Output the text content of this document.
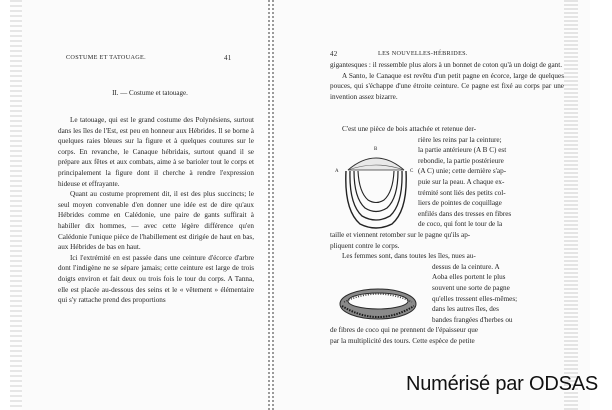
COSTUME ET TATOUAGE.	41
II. — Costume et tatouage.

Le tatouage, qui est le grand costume des Polynésiens, surtout dans les îles de l'Est, est peu en honneur aux Hébrides. Il se borne à quelques raies bleues sur la figure et à quelques coutures sur le corps. En revanche, le Canaque hébridais, surtout quand il se prépare aux fêtes et aux combats, aime à se barioler tout le corps et principalement la figure dont il cherche à rendre l'expression hideuse et effrayante.

Quant au costume proprement dit, il est des plus succincts; le seul moyen convenable d'en donner une idée est de dire qu'aux Hébrides comme en Calédonie, une paire de gants suffirait à habiller dix hommes, — avec cette légère différence qu'en Calédonie l'unique pièce de l'habillement est dirigée de haut en bas, aux Hébrides de bas en haut.

Ici l'extrémité en est passée dans une ceinture d'écorce d'arbre dont l'indigène ne se sépare jamais; cette ceinture est large de trois doigts environ et fait deux ou trois fois le tour du corps. A Tanna, elle est placée au-dessous des seins et le « vêtement » élémentaire qui s'y rattache prend des proportions

42	LES NOUVELLES-HÉBRIDES.

gigantesques : il ressemble plus alors à un bonnet de coton qu'à un doigt de gant.

A Santo, le Canaque est revêtu d'un petit pagne en écorce, large de quelques pouces, qui s'échappe d'une étroite ceinture. Ce pagne est fixé au corps par une invention assez bizarre.

C'est une pièce de bois attachée et retenue der-
rière les reins par la ceinture;
la partie antérieure (A B C) est
rebondie, la partie postérieure
(A C) unie; cette dernière s'ap-
puie sur la peau. A chaque ex-
trémité sont liés des petits col-
liers de pointes de coquillage
enfilés dans des tresses en fibres
de coco, qui font le tour de la
taille et viennent retomber sur le pagne qu'ils ap-
pliquent contre le corps.
Les femmes sont, dans toutes les îles, nues au-
dessus de la ceinture. A
Aoba elles portent le plus
souvent une sorte de pagne
qu'elles tressent elles-mêmes;
dans les autres îles, des
bandes frangées d'herbes ou
de fibres de coco qui ne prennent de l'épaisseur que
par la multiplicité des tours. Cette espèce de petite
A
B
C
Numérisé par ODSAS
